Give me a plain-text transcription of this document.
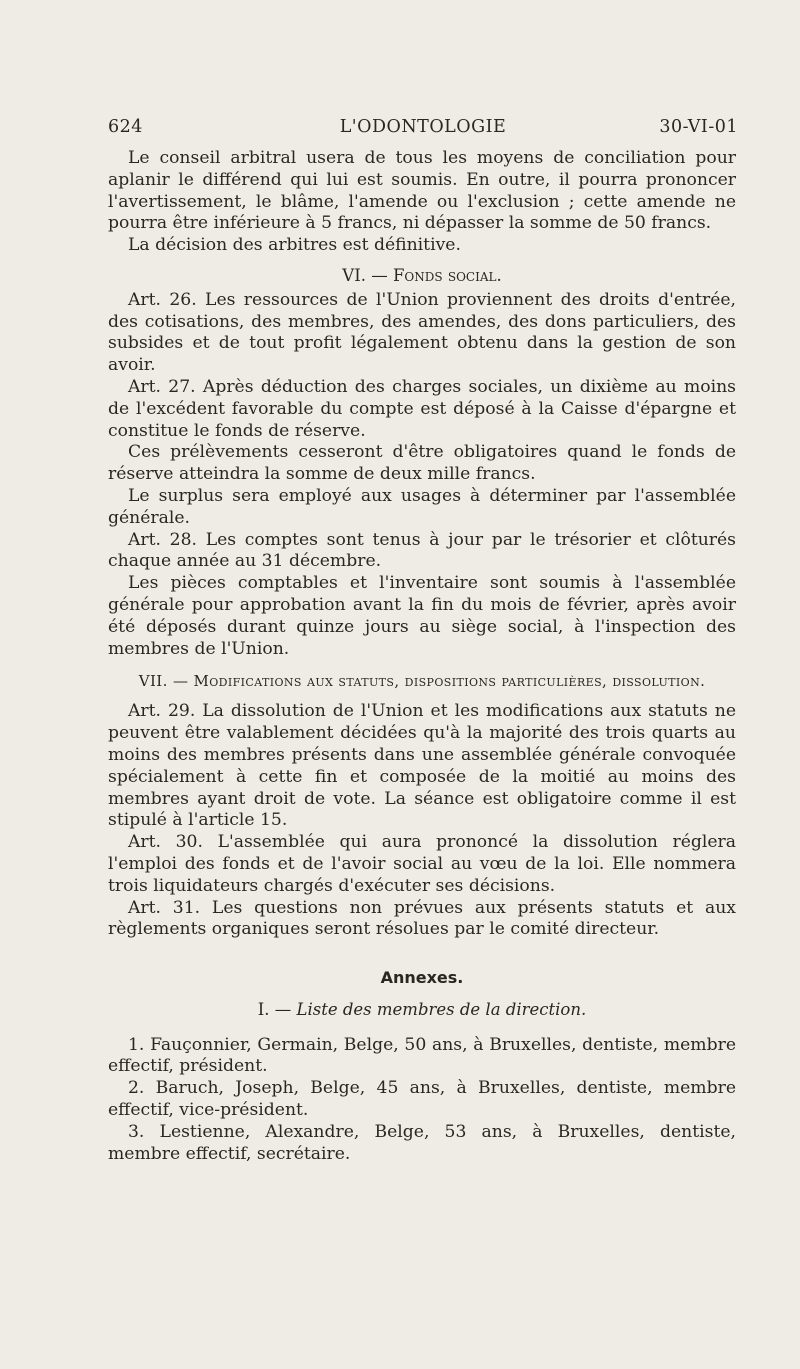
624	L'ODONTOLOGIE	30-VI-01

Le conseil arbitral usera de tous les moyens de conciliation pour aplanir le différend qui lui est soumis. En outre, il pourra prononcer l'avertissement, le blâme, l'amende ou l'exclusion ; cette amende ne pourra être inférieure à 5 francs, ni dépasser la somme de 50 francs.

La décision des arbitres est définitive.

VI. — Fonds social.

Art. 26. Les ressources de l'Union proviennent des droits d'entrée, des cotisations, des membres, des amendes, des dons particuliers, des subsides et de tout profit légalement obtenu dans la gestion de son avoir.

Art. 27. Après déduction des charges sociales, un dixième au moins de l'excédent favorable du compte est déposé à la Caisse d'épargne et constitue le fonds de réserve.

Ces prélèvements cesseront d'être obligatoires quand le fonds de réserve atteindra la somme de deux mille francs.

Le surplus sera employé aux usages à déterminer par l'assemblée générale.

Art. 28. Les comptes sont tenus à jour par le trésorier et clôturés chaque année au 31 décembre.

Les pièces comptables et l'inventaire sont soumis à l'assemblée générale pour approbation avant la fin du mois de février, après avoir été déposés durant quinze jours au siège social, à l'inspection des membres de l'Union.

VII. — Modifications aux statuts, dispositions particulières, dissolution.

Art. 29. La dissolution de l'Union et les modifications aux statuts ne peuvent être valablement décidées qu'à la majorité des trois quarts au moins des membres présents dans une assemblée générale convoquée spécialement à cette fin et composée de la moitié au moins des membres ayant droit de vote. La séance est obligatoire comme il est stipulé à l'article 15.

Art. 30. L'assemblée qui aura prononcé la dissolution réglera l'emploi des fonds et de l'avoir social au vœu de la loi. Elle nommera trois liquidateurs chargés d'exécuter ses décisions.

Art. 31. Les questions non prévues aux présents statuts et aux règlements organiques seront résolues par le comité directeur.

Annexes.
I. — Liste des membres de la direction.

1. Fauçonnier, Germain, Belge, 50 ans, à Bruxelles, dentiste, membre effectif, président.

2. Baruch, Joseph, Belge, 45 ans, à Bruxelles, dentiste, membre effectif, vice-président.

3. Lestienne, Alexandre, Belge, 53 ans, à Bruxelles, dentiste, membre effectif, secrétaire.
